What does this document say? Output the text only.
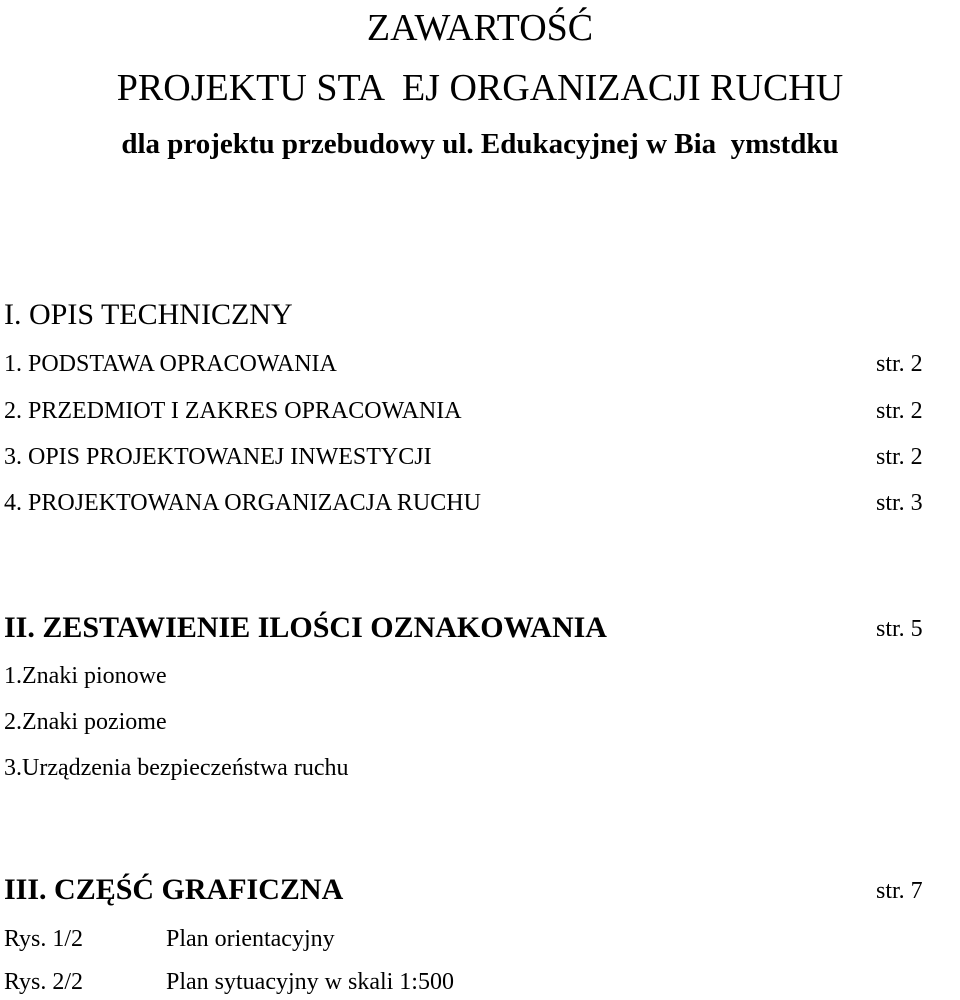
ZAWARTOŚĆ
PROJEKTU STA  EJ ORGANIZACJI RUCHU
dla projektu przebudowy ul. Edukacyjnej w Bia  ymstdku
I. OPIS TECHNICZNY
1. PODSTAWA OPRACOWANIA	str. 2
2. PRZEDMIOT I ZAKRES OPRACOWANIA	str. 2
3. OPIS PROJEKTOWANEJ INWESTYCJI	str. 2
4. PROJEKTOWANA ORGANIZACJA RUCHU	str. 3
II. ZESTAWIENIE ILOŚCI OZNAKOWANIA	str. 5
1.Znaki pionowe
2.Znaki poziome
3.Urządzenia bezpieczeństwa ruchu
III. CZĘŚĆ GRAFICZNA	str. 7
Rys. 1/2	Plan orientacyjny
Rys. 2/2	Plan sytuacyjny w skali 1:500
